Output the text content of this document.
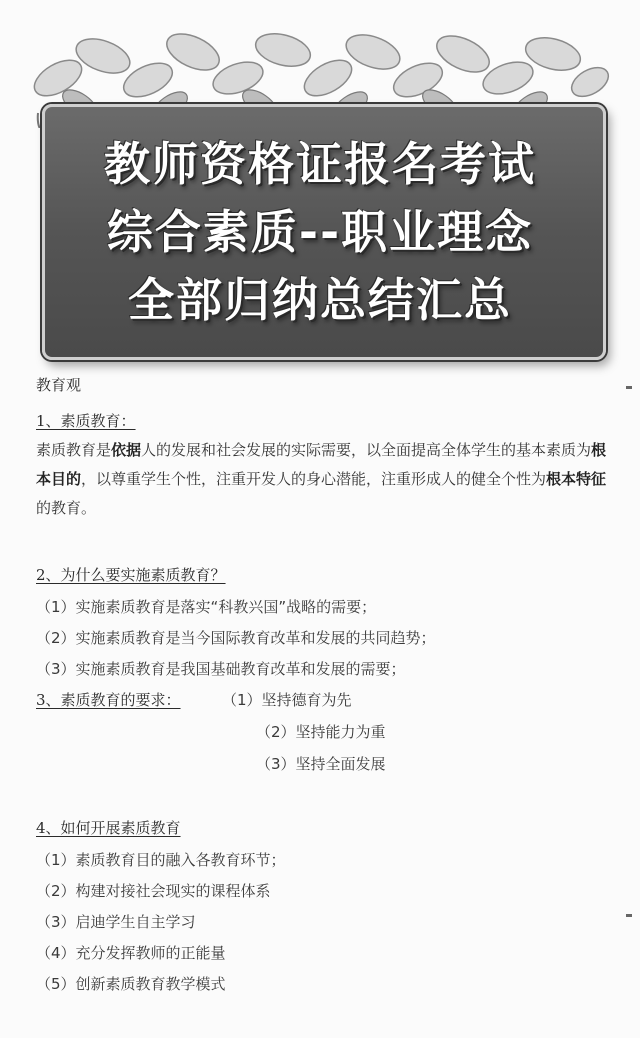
教师资格证报名考试
综合素质--职业理念
全部归纳总结汇总
教育观
1、素质教育：
素质教育是依据人的发展和社会发展的实际需要，以全面提高全体学生的基本素质为根本目的，以尊重学生个性，注重开发人的身心潜能，注重形成人的健全个性为根本特征的教育。
2、为什么要实施素质教育？
（1）实施素质教育是落实“科教兴国”战略的需要；
（2）实施素质教育是当今国际教育改革和发展的共同趋势；
（3）实施素质教育是我国基础教育改革和发展的需要；
3、素质教育的要求：	（1）坚持德育为先
（2）坚持能力为重
（3）坚持全面发展
4、如何开展素质教育
（1）素质教育目的融入各教育环节；
（2）构建对接社会现实的课程体系
（3）启迪学生自主学习
（4）充分发挥教师的正能量
（5）创新素质教育教学模式
